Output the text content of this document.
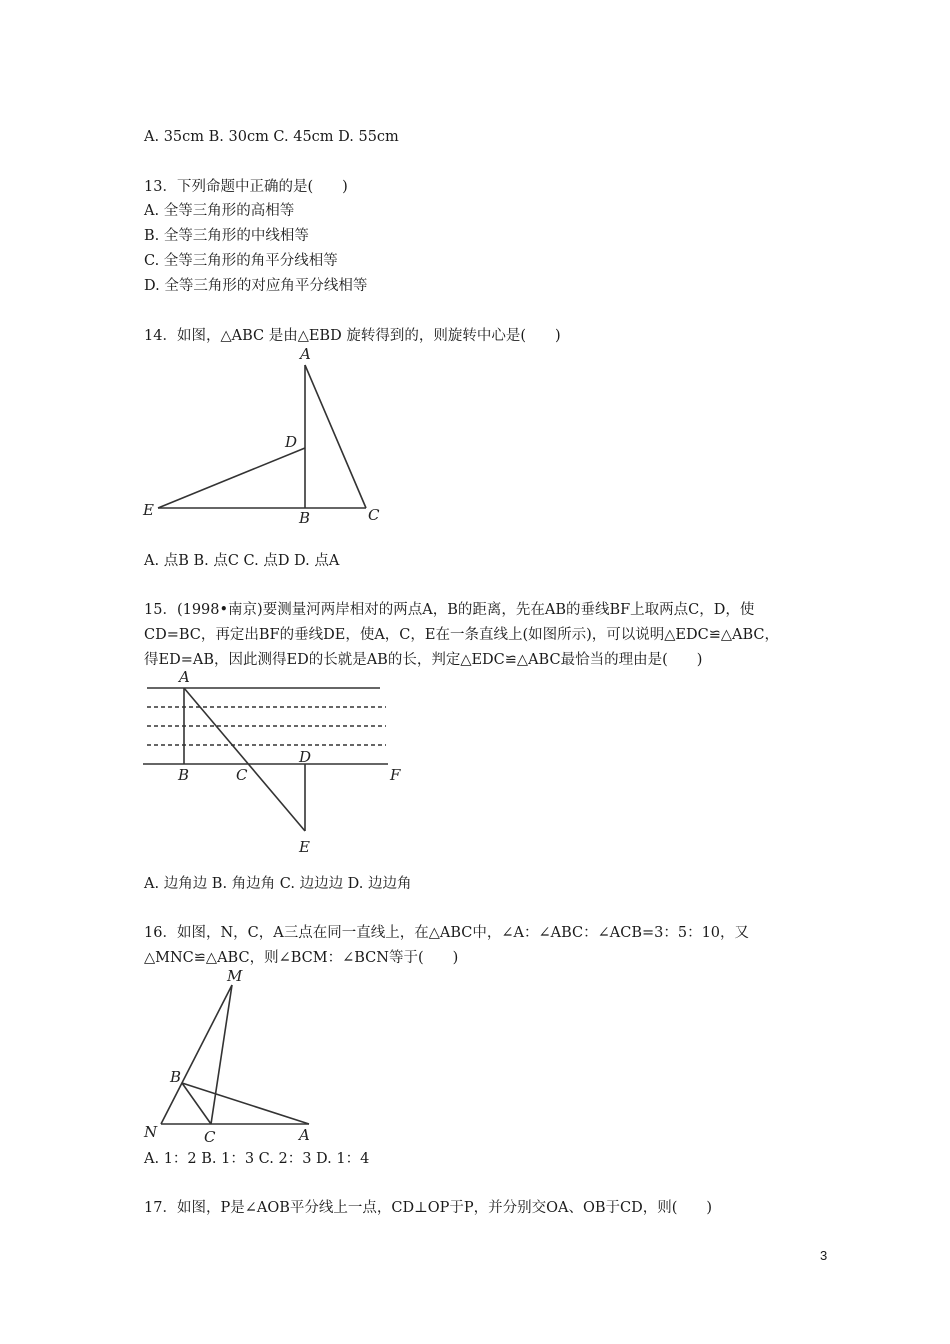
A. 35cm B. 30cm C. 45cm D. 55cm
13．下列命题中正确的是(　　)
A. 全等三角形的高相等
B. 全等三角形的中线相等
C. 全等三角形的角平分线相等
D. 全等三角形的对应角平分线相等
14．如图，△ABC 是由△EBD 旋转得到的，则旋转中心是(　　)
A
D
E	B	C
A. 点B B. 点C C. 点D D. 点A
15．(1998•南京)要测量河两岸相对的两点A，B的距离，先在AB的垂线BF上取两点C，D，使
CD=BC，再定出BF的垂线DE，使A，C，E在一条直线上(如图所示)，可以说明△EDC≌△ABC，
得ED=AB，因此测得ED的长就是AB的长，判定△EDC≌△ABC最恰当的理由是(　　)
A
B	C
D
F
E
A. 边角边 B. 角边角 C. 边边边 D. 边边角
16．如图，N，C，A三点在同一直线上，在△ABC中，∠A：∠ABC：∠ACB=3：5：10，又
△MNC≌△ABC，则∠BCM：∠BCN等于(　　)
M
B
N	C	A
A. 1：2 B. 1：3 C. 2：3 D. 1：4
17．如图，P是∠AOB平分线上一点，CD⊥OP于P，并分别交OA、OB于CD，则(　　)
3
